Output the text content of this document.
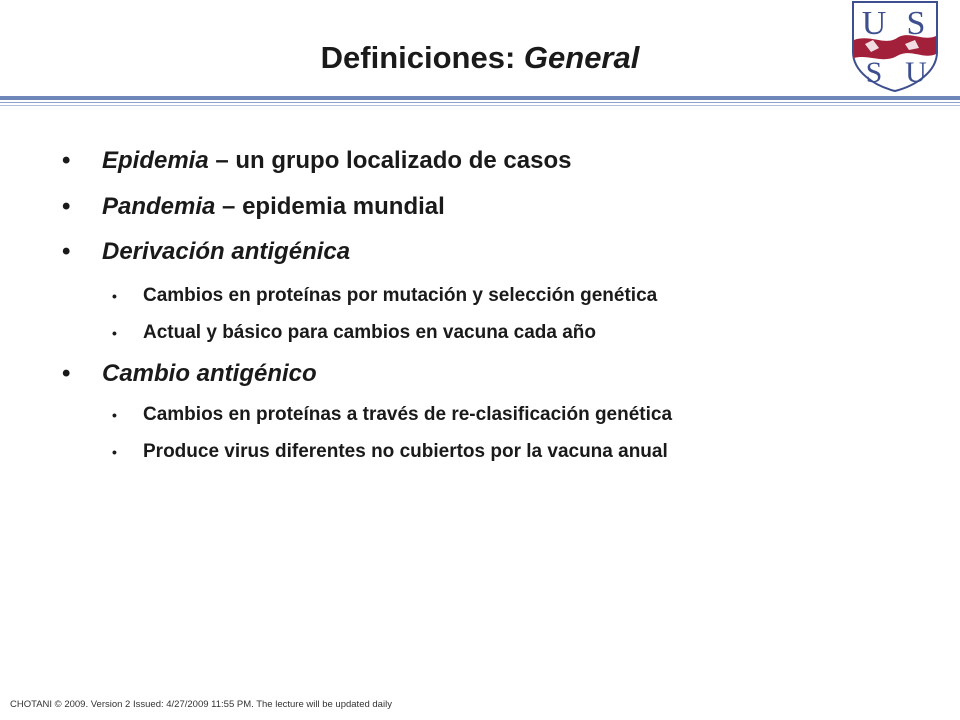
Definiciones: General
U S
S U
• Epidemia – un grupo localizado de casos
• Pandemia – epidemia mundial
• Derivación antigénica
• Cambios en proteínas por mutación y selección genética
• Actual y básico para cambios en vacuna cada año
• Cambio antigénico
• Cambios en proteínas a través de re-clasificación genética
• Produce virus diferentes no cubiertos por la vacuna anual
CHOTANI © 2009. Version 2 Issued: 4/27/2009 11:55 PM. The lecture will be updated daily
